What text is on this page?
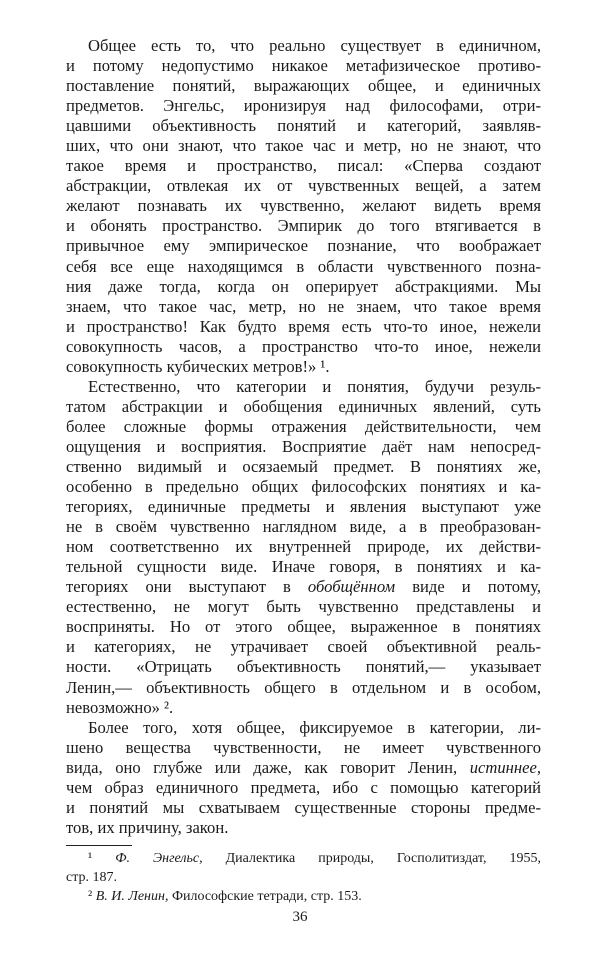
Общее есть то, что реально существует в единичном,
и потому недопустимо никакое метафизическое противо-
поставление понятий, выражающих общее, и единичных
предметов. Энгельс, иронизируя над философами, отри-
цавшими объективность понятий и категорий, заявляв-
ших, что они знают, что такое час и метр, но не знают, что
такое время и пространство, писал: «Сперва создают
абстракции, отвлекая их от чувственных вещей, а затем
желают познавать их чувственно, желают видеть время
и обонять пространство. Эмпирик до того втягивается в
привычное ему эмпирическое познание, что воображает
себя все еще находящимся в области чувственного позна-
ния даже тогда, когда он оперирует абстракциями. Мы
знаем, что такое час, метр, но не знаем, что такое время
и пространство! Как будто время есть что-то иное, нежели
совокупность часов, а пространство что-то иное, нежели
совокупность кубических метров!» ¹.
Естественно, что категории и понятия, будучи резуль-
татом абстракции и обобщения единичных явлений, суть
более сложные формы отражения действительности, чем
ощущения и восприятия. Восприятие даёт нам непосред-
ственно видимый и осязаемый предмет. В понятиях же,
особенно в предельно общих философских понятиях и ка-
тегориях, единичные предметы и явления выступают уже
не в своём чувственно наглядном виде, а в преобразован-
ном соответственно их внутренней природе, их действи-
тельной сущности виде. Иначе говоря, в понятиях и ка-
тегориях они выступают в обобщённом виде и потому,
естественно, не могут быть чувственно представлены и
восприняты. Но от этого общее, выраженное в понятиях
и категориях, не утрачивает своей объективной реаль-
ности. «Отрицать объективность понятий,— указывает
Ленин,— объективность общего в отдельном и в особом,
невозможно» ².
Более того, хотя общее, фиксируемое в категории, ли-
шено вещества чувственности, не имеет чувственного
вида, оно глубже или даже, как говорит Ленин, истиннее,
чем образ единичного предмета, ибо с помощью категорий
и понятий мы схватываем существенные стороны предме-
тов, их причину, закон.
¹ Ф. Энгельс, Диалектика природы, Госполитиздат, 1955,
стр. 187.
² В. И. Ленин, Философские тетради, стр. 153.
36
